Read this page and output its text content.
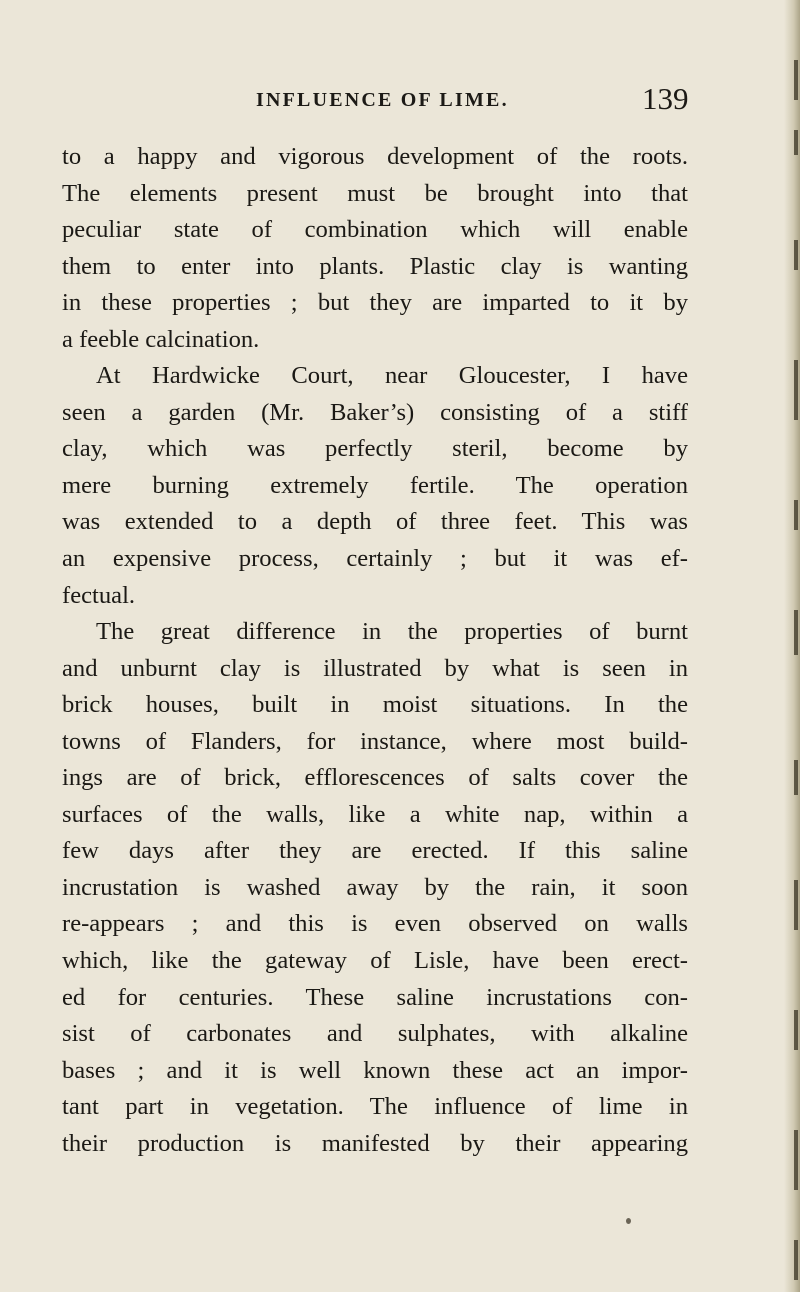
INFLUENCE OF LIME.	139
to a happy and vigorous development of the roots.
The elements present must be brought into that
peculiar state of combination which will enable
them to enter into plants. Plastic clay is wanting
in these properties ; but they are imparted to it by
a feeble calcination.
At Hardwicke Court, near Gloucester, I have
seen a garden (Mr. Baker’s) consisting of a stiff
clay, which was perfectly steril, become by
mere burning extremely fertile. The operation
was extended to a depth of three feet. This was
an expensive process, certainly ; but it was ef-
fectual.
The great difference in the properties of burnt
and unburnt clay is illustrated by what is seen in
brick houses, built in moist situations. In the
towns of Flanders, for instance, where most build-
ings are of brick, efflorescences of salts cover the
surfaces of the walls, like a white nap, within a
few days after they are erected. If this saline
incrustation is washed away by the rain, it soon
re-appears ; and this is even observed on walls
which, like the gateway of Lisle, have been erect-
ed for centuries. These saline incrustations con-
sist of carbonates and sulphates, with alkaline
bases ; and it is well known these act an impor-
tant part in vegetation. The influence of lime in
their production is manifested by their appearing
